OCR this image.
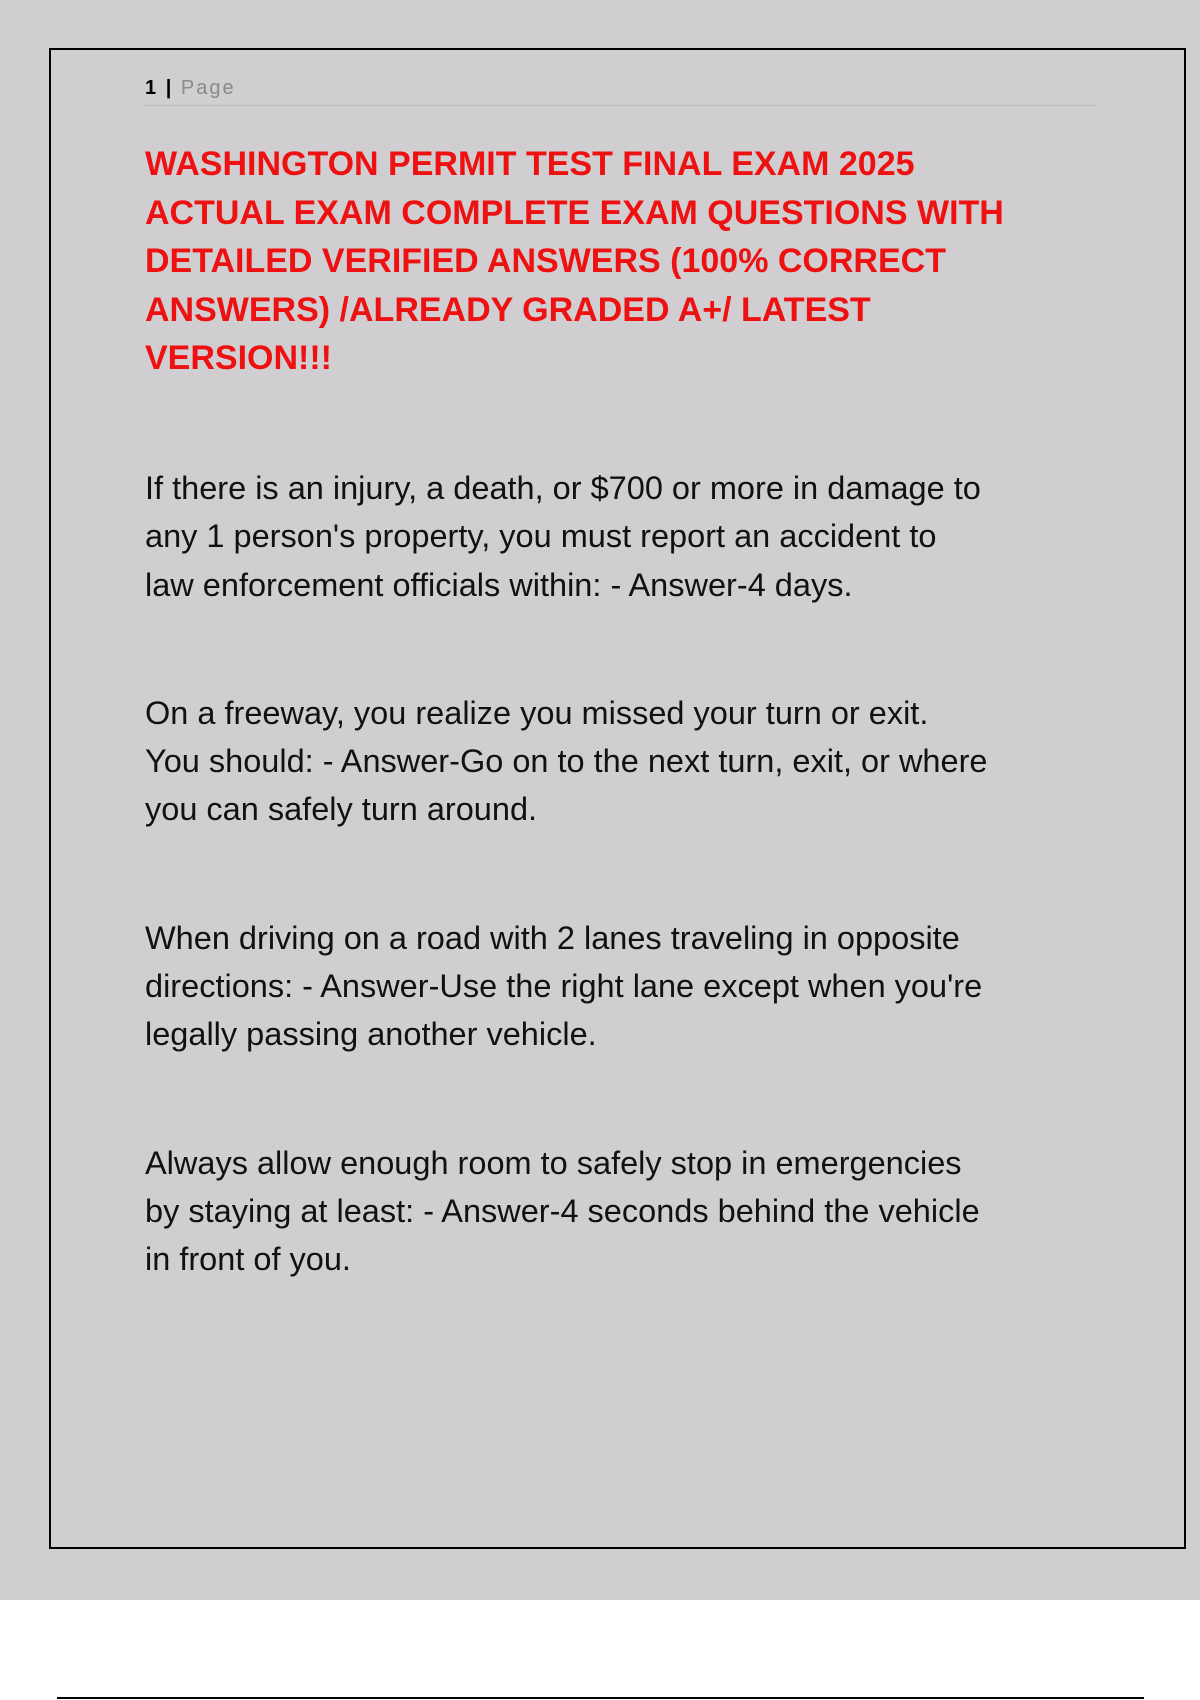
1 | Page
WASHINGTON PERMIT TEST FINAL EXAM 2025
ACTUAL EXAM COMPLETE EXAM QUESTIONS WITH
DETAILED VERIFIED ANSWERS (100% CORRECT
ANSWERS) /ALREADY GRADED A+/ LATEST
VERSION!!!

If there is an injury, a death, or $700 or more in damage to
any 1 person's property, you must report an accident to
law enforcement officials within: - Answer-4 days.

On a freeway, you realize you missed your turn or exit.
You should: - Answer-Go on to the next turn, exit, or where
you can safely turn around.

When driving on a road with 2 lanes traveling in opposite
directions: - Answer-Use the right lane except when you're
legally passing another vehicle.

Always allow enough room to safely stop in emergencies
by staying at least: - Answer-4 seconds behind the vehicle
in front of you.
